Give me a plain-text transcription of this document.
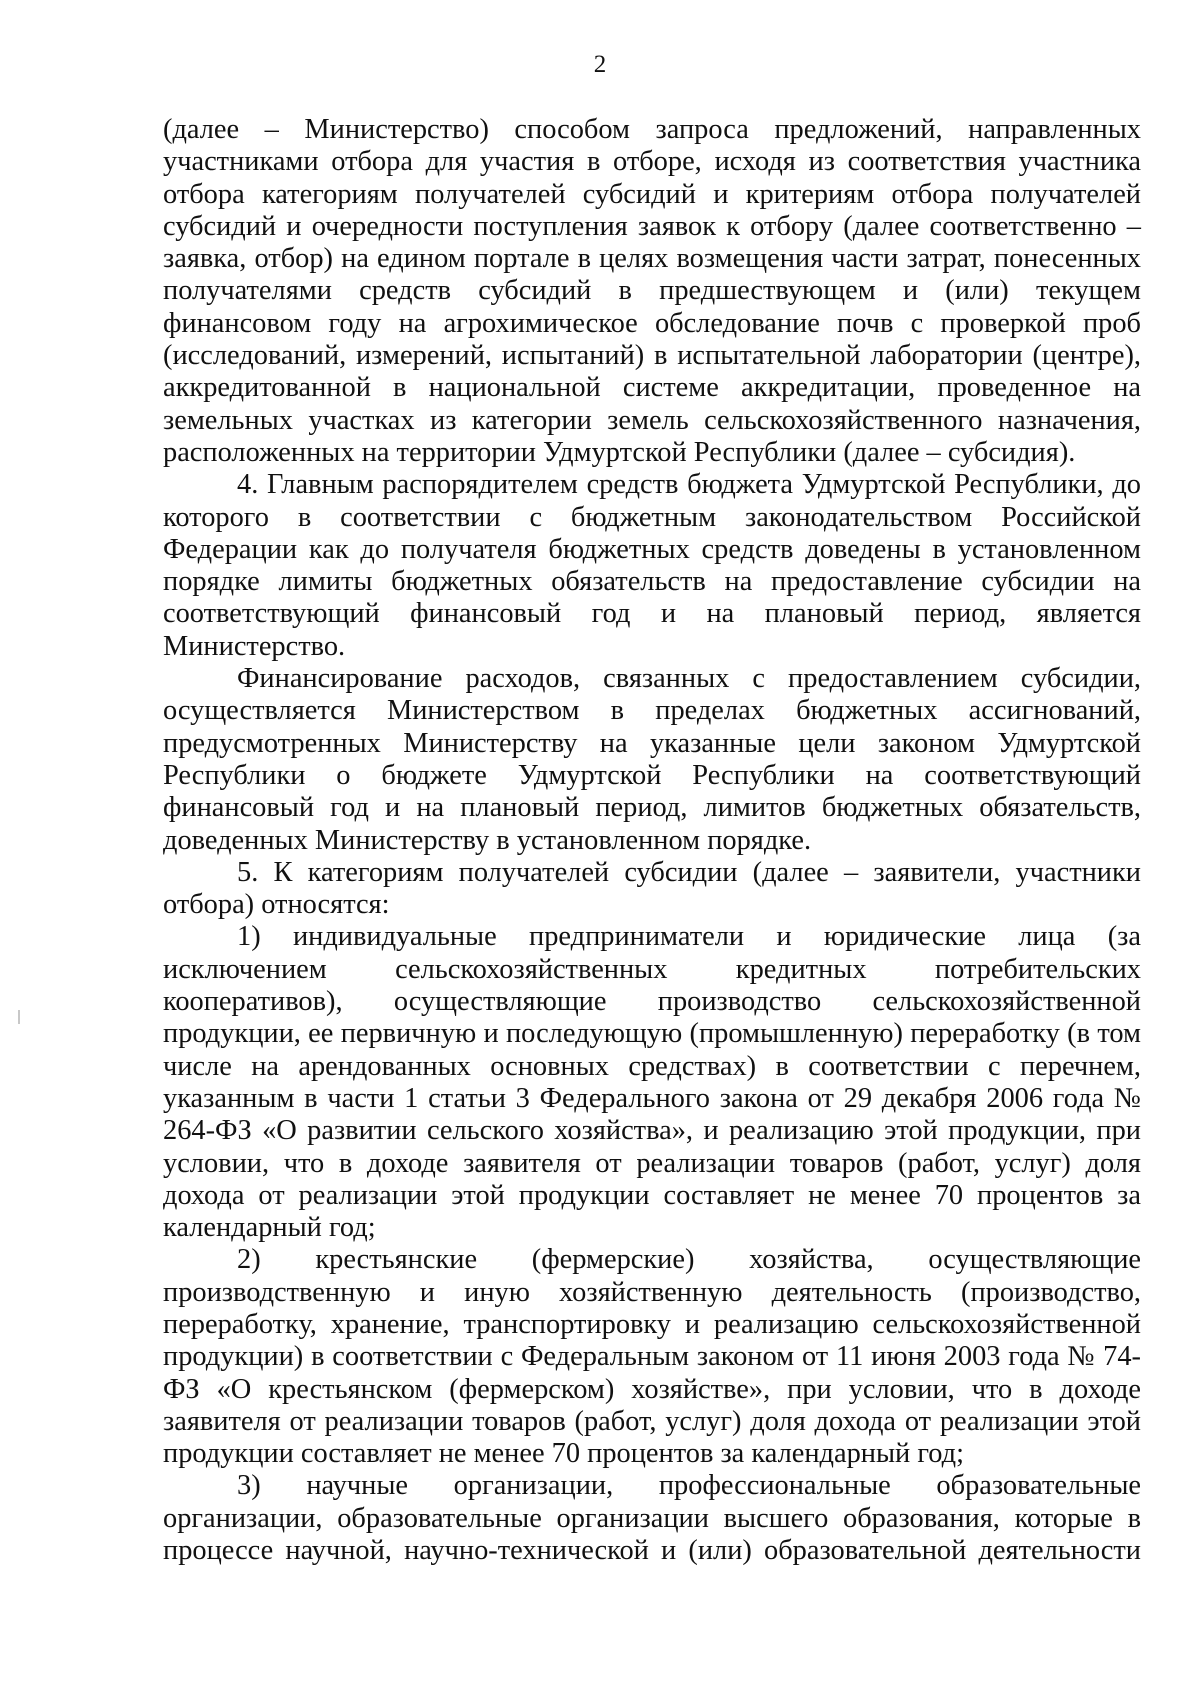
2

(далее – Министерство) способом запроса предложений, направленных участниками отбора для участия в отборе, исходя из соответствия участника отбора категориям получателей субсидий и критериям отбора получателей субсидий и очередности поступления заявок к отбору (далее соответственно – заявка, отбор) на едином портале в целях возмещения части затрат, понесенных получателями средств субсидий в предшествующем и (или) текущем финансовом году на агрохимическое обследование почв с проверкой проб (исследований, измерений, испытаний) в испытательной лаборатории (центре), аккредитованной в национальной системе аккредитации, проведенное на земельных участках из категории земель сельскохозяйственного назначения, расположенных на территории Удмуртской Республики (далее – субсидия).

4. Главным распорядителем средств бюджета Удмуртской Республики, до которого в соответствии с бюджетным законодательством Российской Федерации как до получателя бюджетных средств доведены в установленном порядке лимиты бюджетных обязательств на предоставление субсидии на соответствующий финансовый год и на плановый период, является Министерство.

Финансирование расходов, связанных с предоставлением субсидии, осуществляется Министерством в пределах бюджетных ассигнований, предусмотренных Министерству на указанные цели законом Удмуртской Республики о бюджете Удмуртской Республики на соответствующий финансовый год и на плановый период, лимитов бюджетных обязательств, доведенных Министерству в установленном порядке.

5. К категориям получателей субсидии (далее – заявители, участники отбора) относятся:

1) индивидуальные предприниматели и юридические лица (за исключением сельскохозяйственных кредитных потребительских кооперативов), осуществляющие производство сельскохозяйственной продукции, ее первичную и последующую (промышленную) переработку (в том числе на арендованных основных средствах) в соответствии с перечнем, указанным в части 1 статьи 3 Федерального закона от 29 декабря 2006 года № 264-ФЗ «О развитии сельского хозяйства», и реализацию этой продукции, при условии, что в доходе заявителя от реализации товаров (работ, услуг) доля дохода от реализации этой продукции составляет не менее 70 процентов за календарный год;

2) крестьянские (фермерские) хозяйства, осуществляющие производственную и иную хозяйственную деятельность (производство, переработку, хранение, транспортировку и реализацию сельскохозяйственной продукции) в соответствии с Федеральным законом от 11 июня 2003 года № 74-ФЗ «О крестьянском (фермерском) хозяйстве», при условии, что в доходе заявителя от реализации товаров (работ, услуг) доля дохода от реализации этой продукции составляет не менее 70 процентов за календарный год;

3) научные организации, профессиональные образовательные организации, образовательные организации высшего образования, которые в процессе научной, научно-технической и (или) образовательной деятельности
